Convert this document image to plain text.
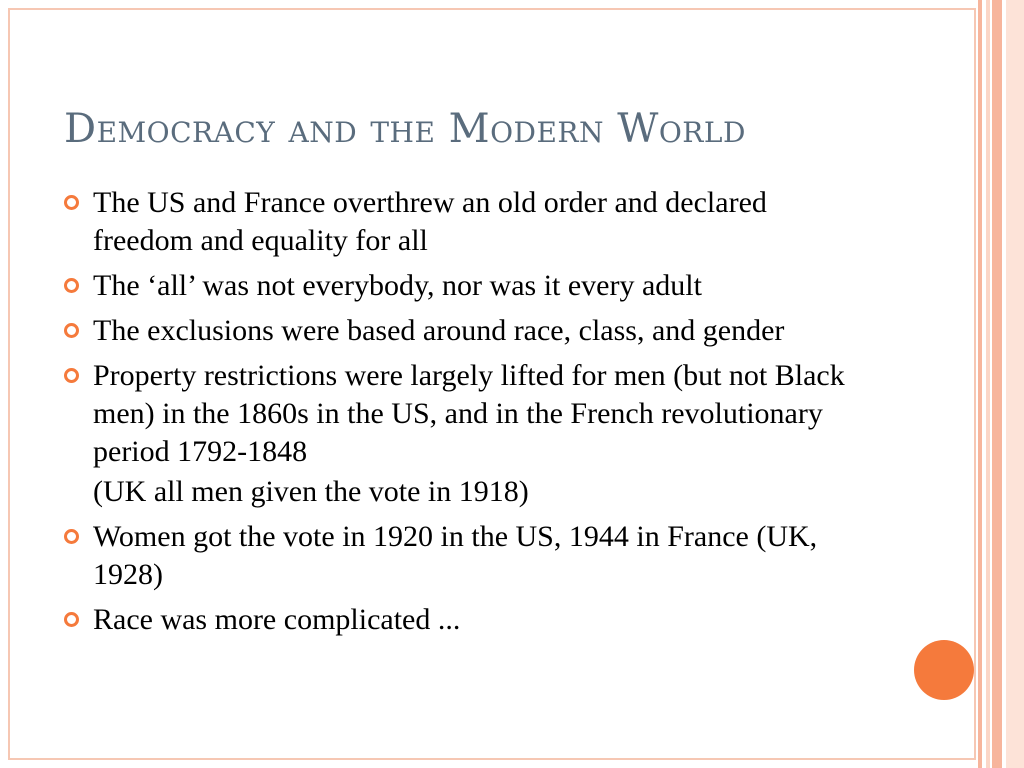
Democracy and the Modern World
The US and France overthrew an old order and declared freedom and equality for all
The ‘all’ was not everybody, nor was it every adult
The exclusions were based around race, class, and gender
Property restrictions were largely lifted for men (but not Black men) in the 1860s in the US, and in the French revolutionary period 1792-1848
(UK all men given the vote in 1918)
Women got the vote in 1920 in the US, 1944 in France (UK, 1928)
Race was more complicated ...
